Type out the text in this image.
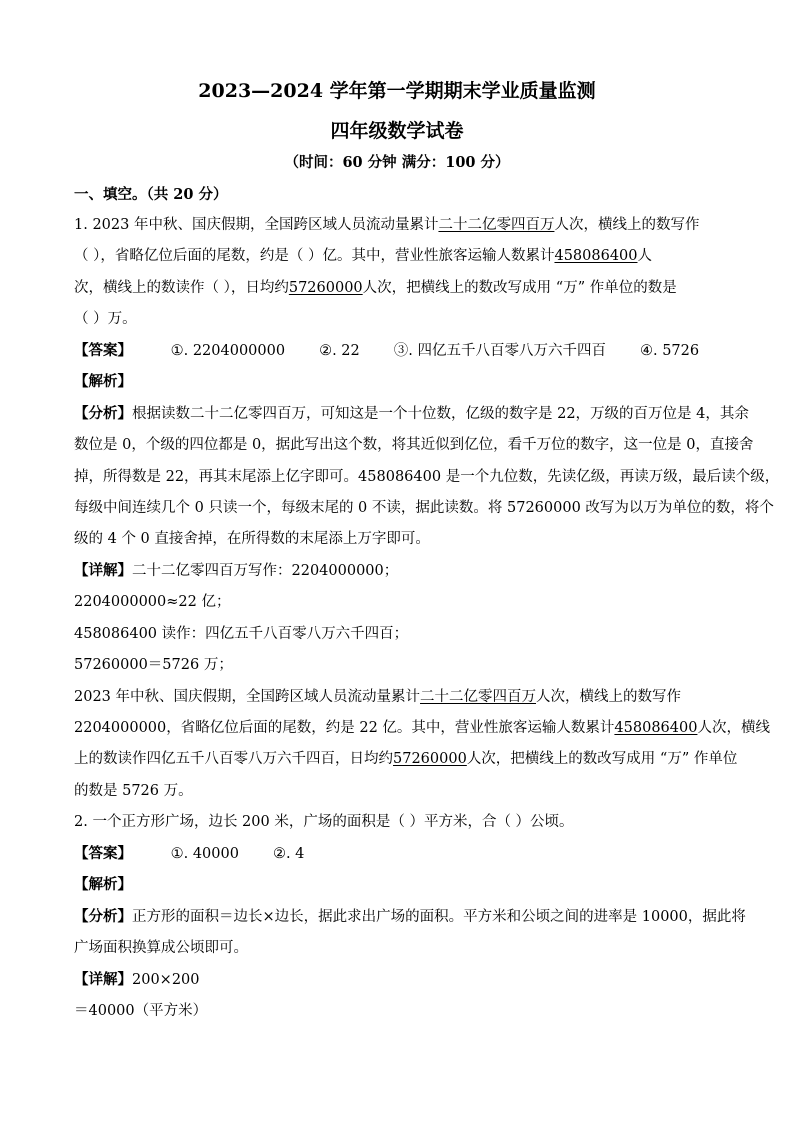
2023—2024 学年第一学期期末学业质量监测
四年级数学试卷
（时间：60 分钟 满分：100 分）
一、填空。（共 20 分）
1. 2023 年中秋、国庆假期，全国跨区域人员流动量累计二十二亿零四百万人次，横线上的数写作
（ ），省略亿位后面的尾数，约是（ ）亿。其中，营业性旅客运输人数累计458086400人
次，横线上的数读作（ ），日均约57260000人次，把横线上的数改写成用 “万” 作单位的数是
（ ）万。
【答案】	①. 2204000000 ②. 22 ③. 四亿五千八百零八万六千四百 ④. 5726
【解析】
【分析】根据读数二十二亿零四百万，可知这是一个十位数，亿级的数字是 22，万级的百万位是 4，其余
数位是 0，个级的四位都是 0，据此写出这个数，将其近似到亿位，看千万位的数字，这一位是 0，直接舍
掉，所得数是 22，再其末尾添上亿字即可。458086400 是一个九位数，先读亿级，再读万级，最后读个级，
每级中间连续几个 0 只读一个，每级末尾的 0 不读，据此读数。将 57260000 改写为以万为单位的数，将个
级的 4 个 0 直接舍掉，在所得数的末尾添上万字即可。
【详解】二十二亿零四百万写作：2204000000；
2204000000≈22 亿；
458086400 读作：四亿五千八百零八万六千四百；
57260000＝5726 万；
2023 年中秋、国庆假期，全国跨区域人员流动量累计二十二亿零四百万人次，横线上的数写作
2204000000，省略亿位后面的尾数，约是 22 亿。其中，营业性旅客运输人数累计458086400人次，横线
上的数读作四亿五千八百零八万六千四百，日均约57260000人次，把横线上的数改写成用 “万” 作单位
的数是 5726 万。
2. 一个正方形广场，边长 200 米，广场的面积是（ ）平方米，合（ ）公顷。
【答案】	①. 40000 ②. 4
【解析】
【分析】正方形的面积＝边长×边长，据此求出广场的面积。平方米和公顷之间的进率是 10000，据此将
广场面积换算成公顷即可。
【详解】200×200
＝40000（平方米）
